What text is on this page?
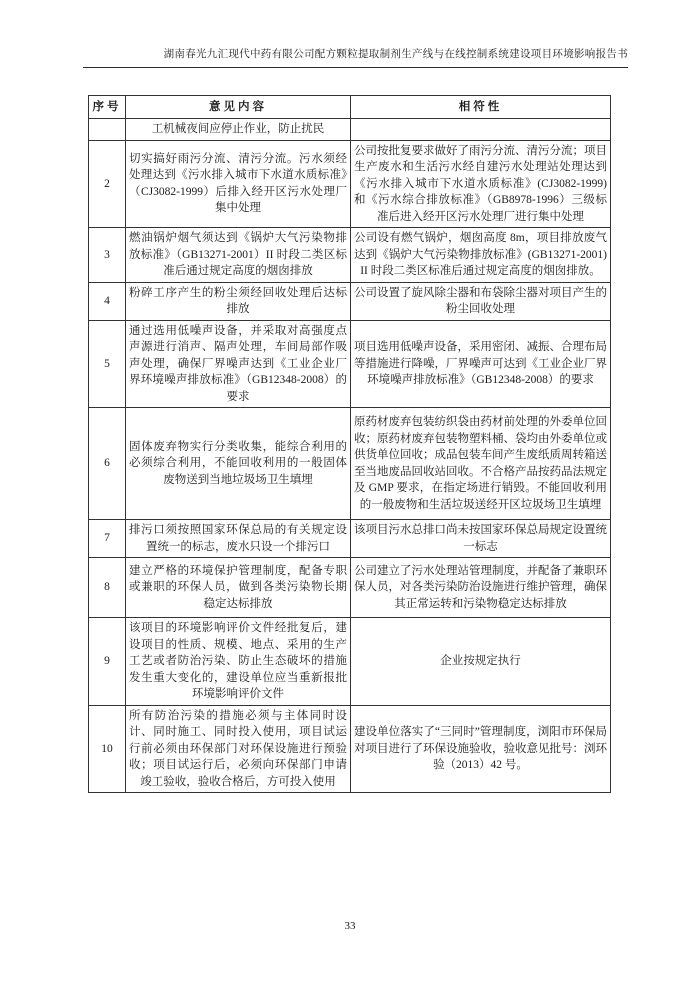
湖南春光九汇现代中药有限公司配方颗粒提取制剂生产线与在线控制系统建设项目环境影响报告书
序号	意见内容	相符性
	工机械夜间应停止作业，防止扰民	
2	切实搞好雨污分流、清污分流。污水须经处理达到《污水排入城市下水道水质标准》（CJ3082-1999）后排入经开区污水处理厂集中处理	公司按批复要求做好了雨污分流、清污分流；项目生产废水和生活污水经自建污水处理站处理达到《污水排入城市下水道水质标准》(CJ3082-1999)和《污水综合排放标准》（GB8978-1996）三级标准后进入经开区污水处理厂进行集中处理
3	燃油锅炉烟气须达到《锅炉大气污染物排放标准》（GB13271-2001）II 时段二类区标准后通过规定高度的烟囱排放	公司设有燃气锅炉，烟囱高度 8m，项目排放废气达到《锅炉大气污染物排放标准》(GB13271-2001) II 时段二类区标准后通过规定高度的烟囱排放。
4	粉碎工序产生的粉尘须经回收处理后达标排放	公司设置了旋风除尘器和布袋除尘器对项目产生的粉尘回收处理
5	通过选用低噪声设备，并采取对高强度点声源进行消声、隔声处理，车间局部作吸声处理，确保厂界噪声达到《工业企业厂界环境噪声排放标准》（GB12348-2008）的要求	项目选用低噪声设备，采用密闭、减振、合理布局等措施进行降噪，厂界噪声可达到《工业企业厂界环境噪声排放标准》（GB12348-2008）的要求
6	固体废弃物实行分类收集，能综合利用的必须综合利用，不能回收利用的一般固体废物送到当地垃圾场卫生填埋	原药材废弃包装纺织袋由药材前处理的外委单位回收；原药材废弃包装物塑料桶、袋均由外委单位或供货单位回收；成品包装车间产生废纸质周转箱送至当地废品回收站回收。不合格产品按药品法规定及 GMP 要求，在指定场进行销毁。不能回收利用的一般废物和生活垃圾送经开区垃圾场卫生填埋
7	排污口须按照国家环保总局的有关规定设置统一的标志，废水只设一个排污口	该项目污水总排口尚未按国家环保总局规定设置统一标志
8	建立严格的环境保护管理制度，配备专职或兼职的环保人员，做到各类污染物长期稳定达标排放	公司建立了污水处理站管理制度，并配备了兼职环保人员，对各类污染防治设施进行维护管理，确保其正常运转和污染物稳定达标排放
9	该项目的环境影响评价文件经批复后，建设项目的性质、规模、地点、采用的生产工艺或者防治污染、防止生态破坏的措施发生重大变化的，建设单位应当重新报批环境影响评价文件	企业按规定执行
10	所有防治污染的措施必须与主体同时设计、同时施工、同时投入使用，项目试运行前必须由环保部门对环保设施进行预验收；项目试运行后，必须向环保部门申请竣工验收，验收合格后，方可投入使用	建设单位落实了“三同时”管理制度，浏阳市环保局对项目进行了环保设施验收，验收意见批号：浏环验（2013）42 号。
33
